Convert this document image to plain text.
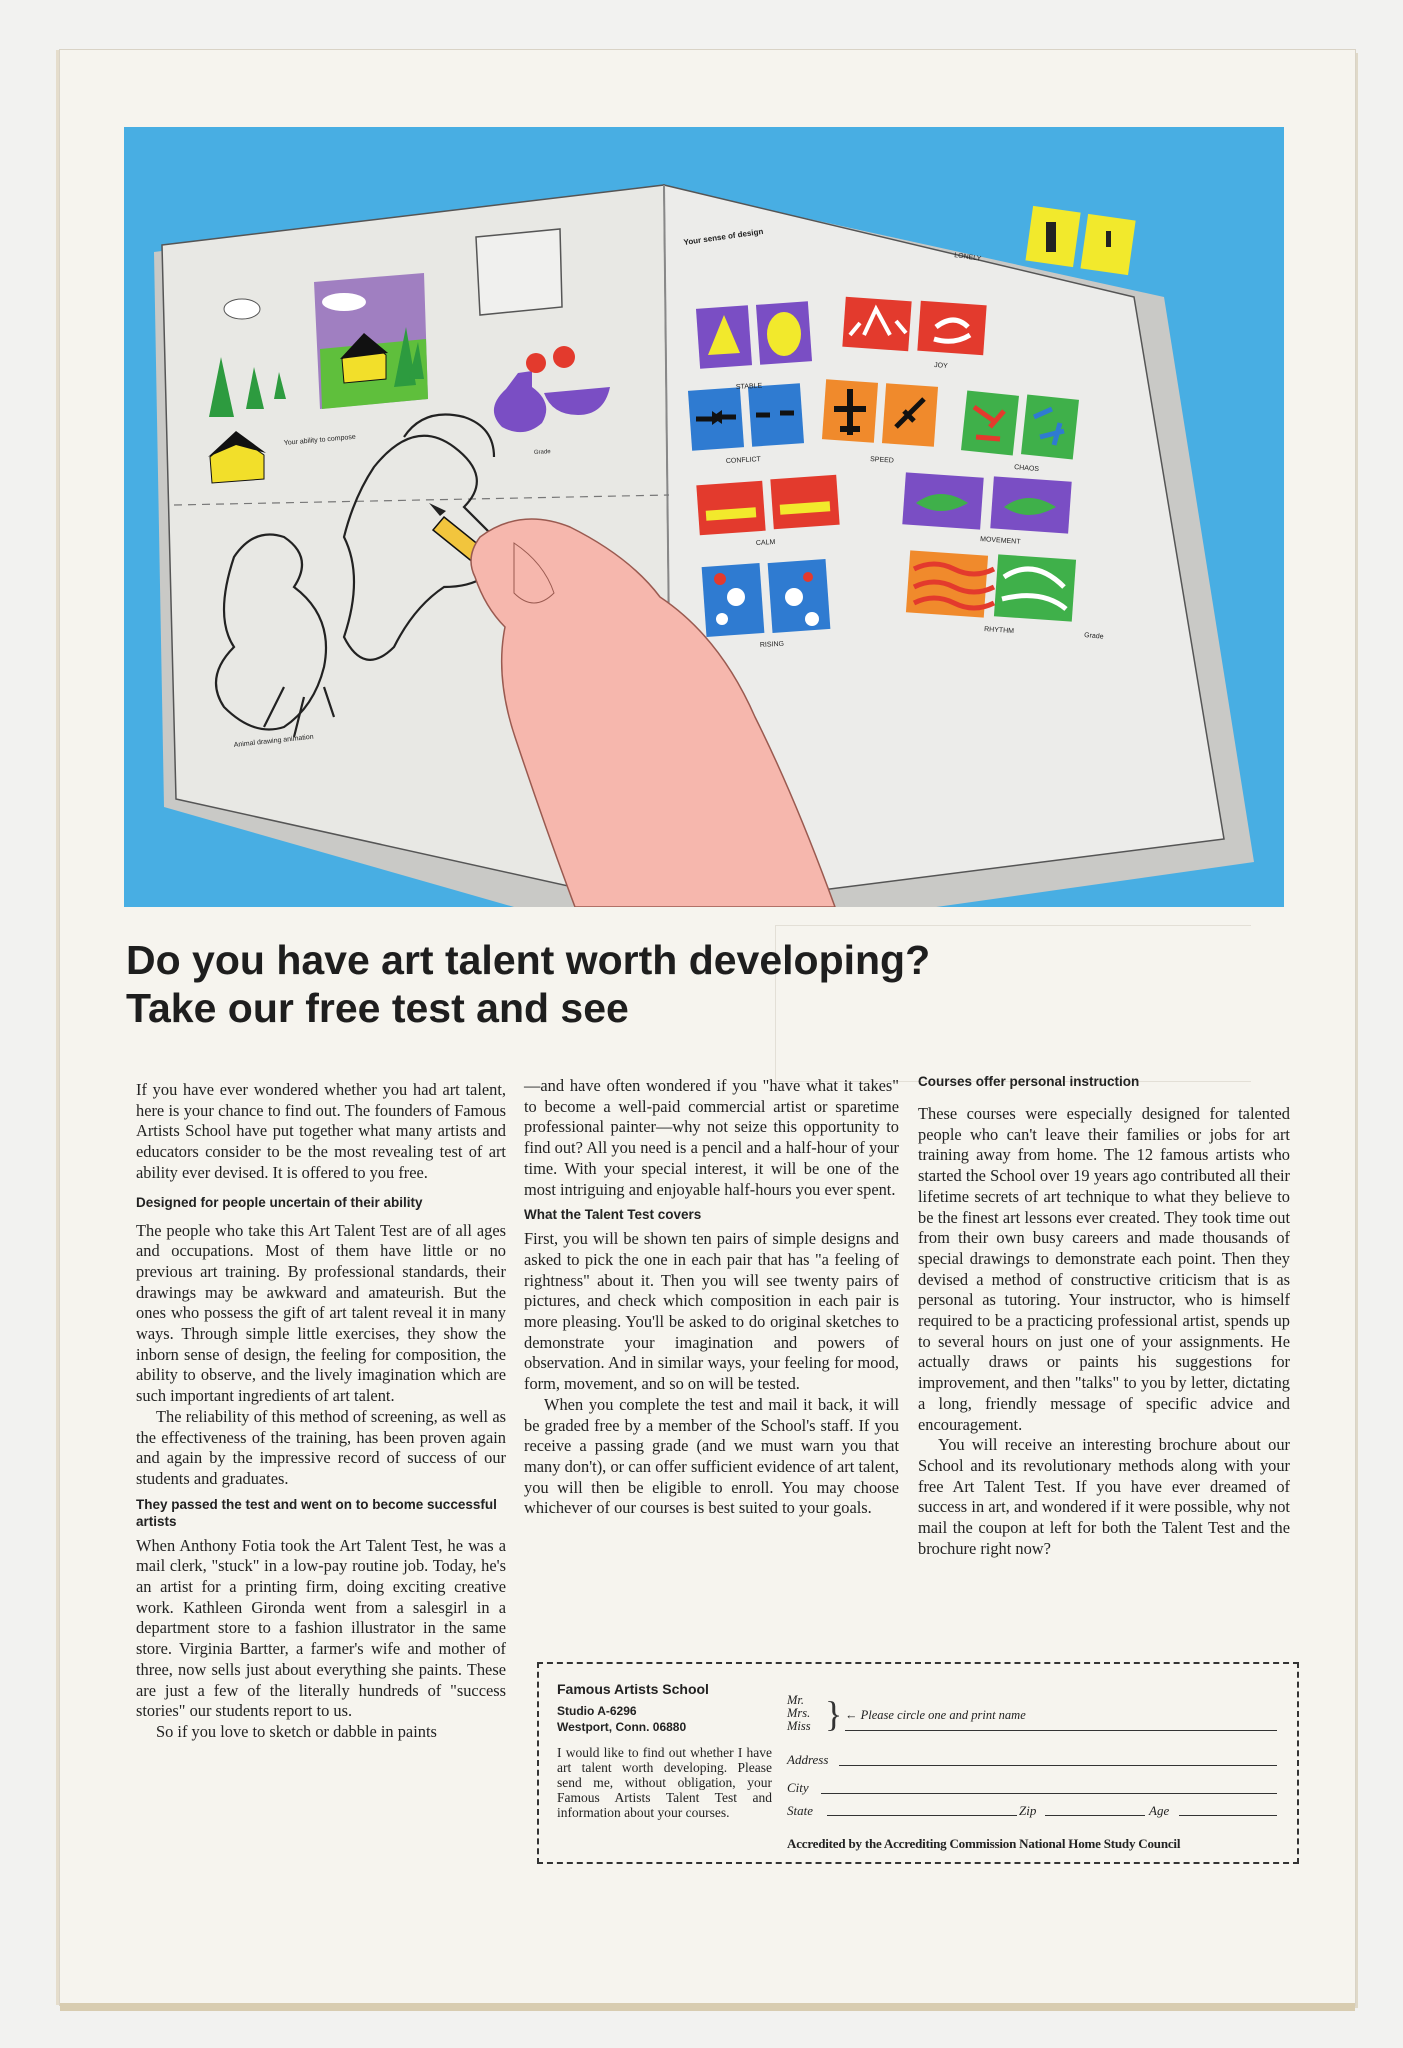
Your ability to compose
Grade
Animal drawing animation
Your sense of design
LONELY
STABLE
JOY
CONFLICT	SPEED
CHAOS
CALM	MOVEMENT
RISING
RHYTHM
Grade
Do you have art talent worth developing?
Take our free test and see

If you have ever wondered whether you had art talent, here is your chance to find out. The founders of Famous Artists School have put together what many artists and educators consider to be the most revealing test of art ability ever devised. It is offered to you free.

Designed for people uncertain of their ability

The people who take this Art Talent Test are of all ages and occupations. Most of them have little or no previous art training. By professional standards, their drawings may be awkward and amateurish. But the ones who possess the gift of art talent reveal it in many ways. Through simple little exercises, they show the inborn sense of design, the feeling for composition, the ability to observe, and the lively imagination which are such important ingredients of art talent.

The reliability of this method of screening, as well as the effectiveness of the training, has been proven again and again by the impressive record of success of our students and graduates.

They passed the test and went on to become successful artists

When Anthony Fotia took the Art Talent Test, he was a mail clerk, "stuck" in a low-pay routine job. Today, he's an artist for a printing firm, doing exciting creative work. Kathleen Gironda went from a salesgirl in a department store to a fashion illustrator in the same store. Virginia Bartter, a farmer's wife and mother of three, now sells just about everything she paints. These are just a few of the literally hundreds of "success stories" our students report to us.

So if you love to sketch or dabble in paints

—and have often wondered if you "have what it takes" to become a well-paid commercial artist or sparetime professional painter—why not seize this opportunity to find out? All you need is a pencil and a half-hour of your time. With your special interest, it will be one of the most intriguing and enjoyable half-hours you ever spent.

What the Talent Test covers

First, you will be shown ten pairs of simple designs and asked to pick the one in each pair that has "a feeling of rightness" about it. Then you will see twenty pairs of pictures, and check which composition in each pair is more pleasing. You'll be asked to do original sketches to demonstrate your imagination and powers of observation. And in similar ways, your feeling for mood, form, movement, and so on will be tested.

When you complete the test and mail it back, it will be graded free by a member of the School's staff. If you receive a passing grade (and we must warn you that many don't), or can offer sufficient evidence of art talent, you will then be eligible to enroll. You may choose whichever of our courses is best suited to your goals.

Courses offer personal instruction

These courses were especially designed for talented people who can't leave their families or jobs for art training away from home. The 12 famous artists who started the School over 19 years ago contributed all their lifetime secrets of art technique to what they believe to be the finest art lessons ever created. They took time out from their own busy careers and made thousands of special drawings to demonstrate each point. Then they devised a method of constructive criticism that is as personal as tutoring. Your instructor, who is himself required to be a practicing professional artist, spends up to several hours on just one of your assignments. He actually draws or paints his suggestions for improvement, and then "talks" to you by letter, dictating a long, friendly message of specific advice and encouragement.

You will receive an interesting brochure about our School and its revolutionary methods along with your free Art Talent Test. If you have ever dreamed of success in art, and wondered if it were possible, why not mail the coupon at left for both the Talent Test and the brochure right now?

Famous Artists School
Studio A-6296
Westport, Conn. 06880
I would like to find out whether I have art talent worth developing. Please send me, without obligation, your Famous Artists Talent Test and information about your courses.
Mr.
Mrs.
Miss } ← Please circle one and print name
Address
City
State	Zip	Age
Accredited by the Accrediting Commission National Home Study Council
